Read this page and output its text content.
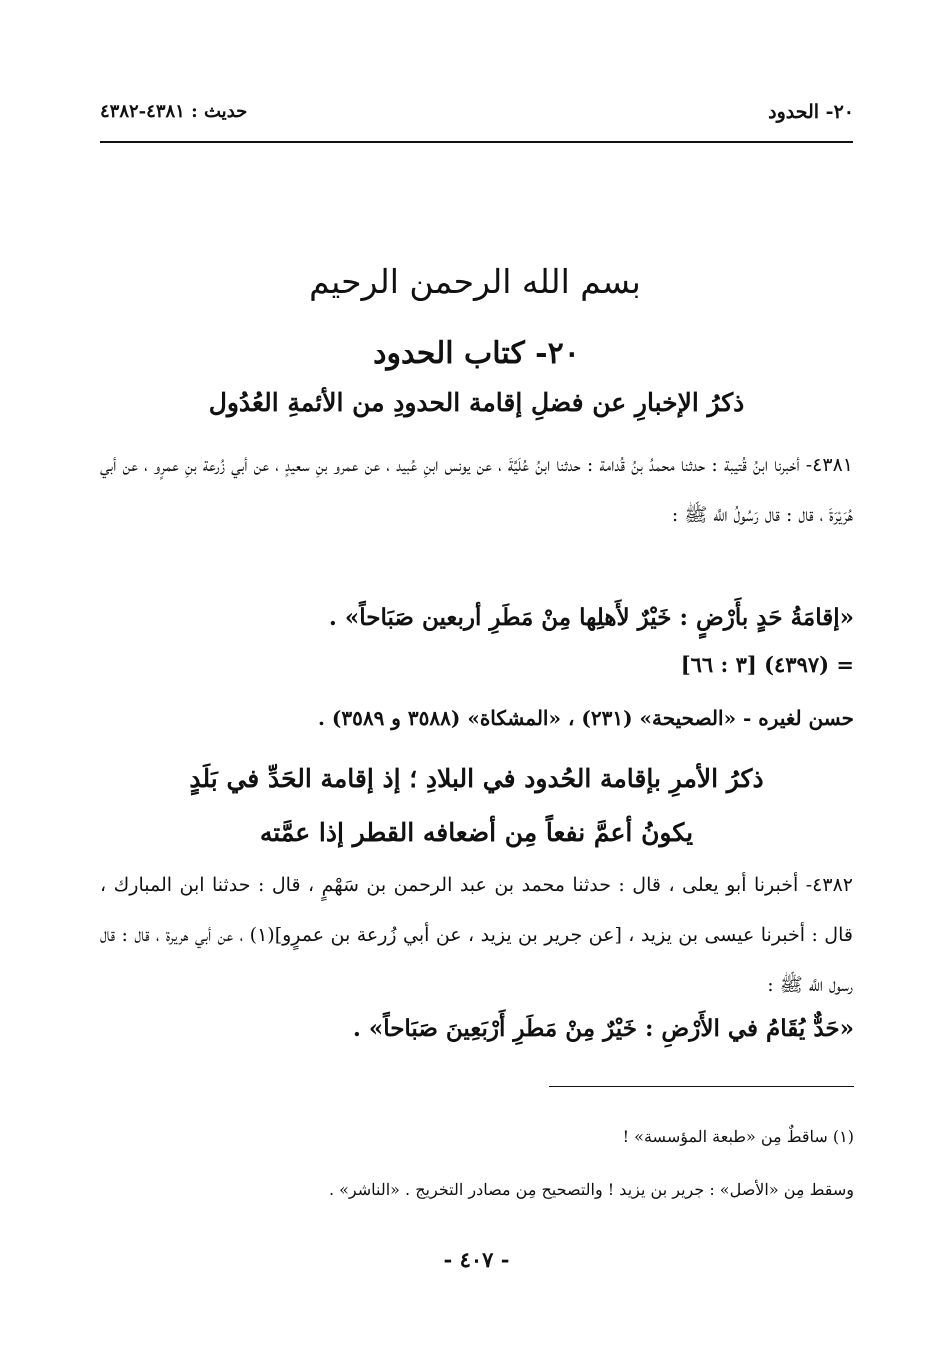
٢٠- الحدود
حديث : ٤٣٨١-٤٣٨٢
بسم الله الرحمن الرحيم
٢٠- كتاب الحدود
ذكرُ الإخبارِ عن فضلِ إقامة الحدودِ من الأئمةِ العُدُول
٤٣٨١- أخبرنا ابنُ قُتيبة : حدثنا محمدُ بنُ قُدامة : حدثنا ابنُ عُلَيَّةَ ، عن يونس ابنِ عُبيد ، عن عمرو بنِ سعيدٍ ، عن أبي زُرعة بنِ عمرٍو ، عن أبي هُرَيْرَةَ ، قال : قال رَسُولُ اللَّه ﷺ :
«إقامَةُ حَدٍ بأَرْضٍ : خَيْرٌ لأَهلِها مِنْ مَطَرِ أربعين صَبَاحاً» .
= (٤٣٩٧) [٣ : ٦٦]
حسن لغيره - «الصحيحة» (٢٣١) ، «المشكاة» (٣٥٨٨ و ٣٥٨٩) .
ذكرُ الأمرِ بإقامة الحُدود في البلادِ ؛ إذ إقامة الحَدِّ في بَلَدٍ
يكونُ أعمَّ نفعاً مِن أضعافه القطر إذا عمَّته
٤٣٨٢- أخبرنا أبو يعلى ، قال : حدثنا محمد بن عبد الرحمن بن سَهْمٍ ، قال : حدثنا ابن المبارك ، قال : أخبرنا عيسى بن يزيد ، [عن جرير بن يزيد ، عن أبي زُرعة بن عمرٍو](١) ، عن أبي هريرة ، قال : قال رسول اللَّه ﷺ :
«حَدٌّ يُقَامُ في الأَرْضِ : خَيْرٌ مِنْ مَطَرِ أَرْبَعِينَ صَبَاحاً» .
(١) ساقطٌ مِن «طبعة المؤسسة» !
وسقط مِن «الأصل» : جرير بن يزيد ! والتصحيح مِن مصادر التخريج . «الناشر» .
- ٤٠٧ -
